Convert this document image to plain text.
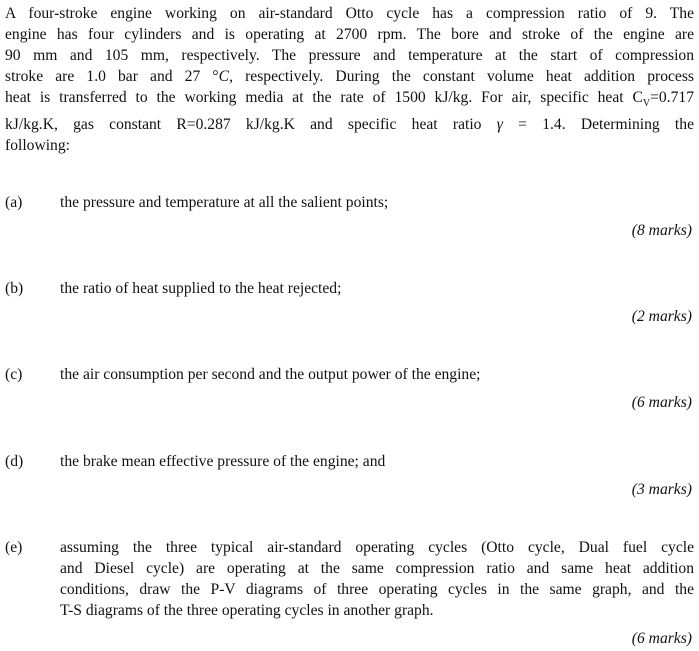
A four-stroke engine working on air-standard Otto cycle has a compression ratio of 9. The
engine has four cylinders and is operating at 2700 rpm. The bore and stroke of the engine are
90 mm and 105 mm, respectively. The pressure and temperature at the start of compression
stroke are 1.0 bar and 27 °C, respectively. During the constant volume heat addition process
heat is transferred to the working media at the rate of 1500 kJ/kg. For air, specific heat $C_V=0.717$
kJ/kg.K, gas constant R=0.287 kJ/kg.K and specific heat ratio γ = 1.4. Determining the
following:
(a) the pressure and temperature at all the salient points;
(8 marks)
(b) the ratio of heat supplied to the heat rejected;
(2 marks)
(c) the air consumption per second and the output power of the engine;
(6 marks)
(d) the brake mean effective pressure of the engine; and
(3 marks)
(e) assuming the three typical air-standard operating cycles (Otto cycle, Dual fuel cycle
and Diesel cycle) are operating at the same compression ratio and same heat addition
conditions, draw the P-V diagrams of three operating cycles in the same graph, and the
T-S diagrams of the three operating cycles in another graph.
(6 marks)
